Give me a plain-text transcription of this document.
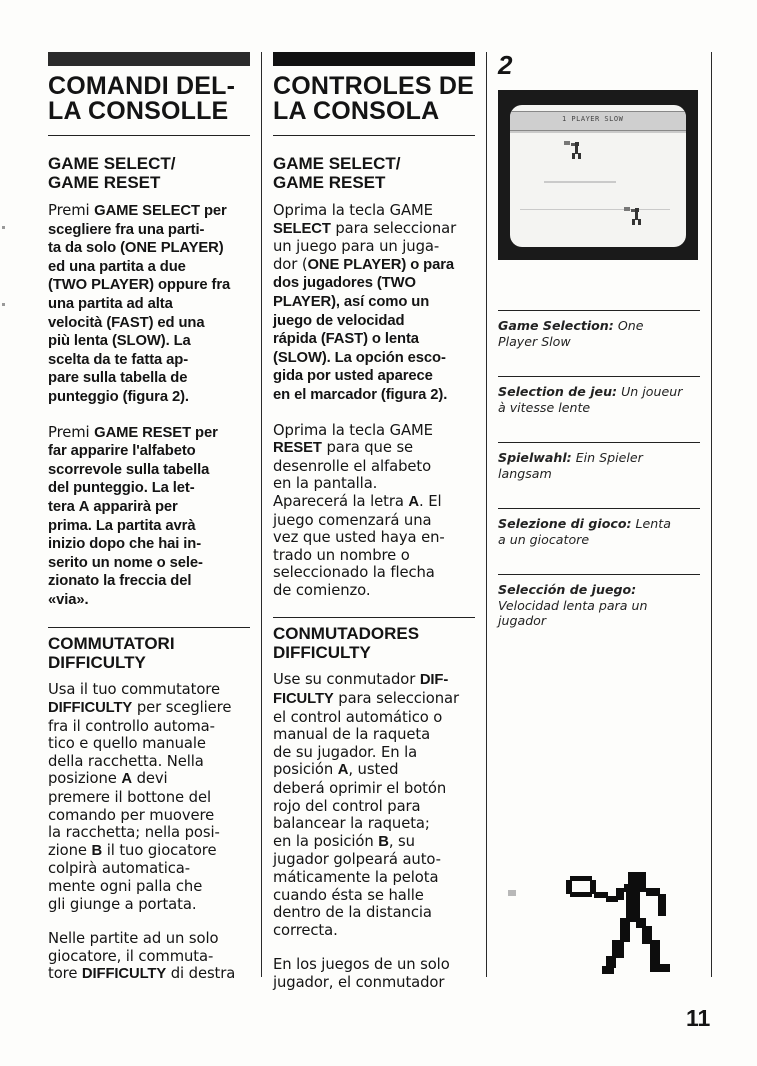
COMANDI DEL-
LA CONSOLLE
GAME SELECT/
GAME RESET

Premi GAME SELECT per
scegliere fra una parti-
ta da solo (ONE PLAYER)
ed una partita a due
(TWO PLAYER) oppure fra
una partita ad alta
velocità (FAST) ed una
più lenta (SLOW). La
scelta da te fatta ap-
pare sulla tabella de
punteggio (figura 2).

Premi GAME RESET per
far apparire l'alfabeto
scorrevole sulla tabella
del punteggio. La let-
tera A apparirà per
prima. La partita avrà
inizio dopo che hai in-
serito un nome o sele-
zionato la freccia del
«via».

COMMUTATORI
DIFFICULTY

Usa il tuo commutatore
DIFFICULTY per scegliere
fra il controllo automa-
tico e quello manuale
della racchetta. Nella
posizione A devi
premere il bottone del
comando per muovere
la racchetta; nella posi-
zione B il tuo giocatore
colpirà automatica-
mente ogni palla che
gli giunge a portata.

Nelle partite ad un solo
giocatore, il commuta-
tore DIFFICULTY di destra

CONTROLES DE
LA CONSOLA
GAME SELECT/
GAME RESET

Oprima la tecla GAME
SELECT para seleccionar
un juego para un juga-
dor (ONE PLAYER) o para
dos jugadores (TWO
PLAYER), así como un
juego de velocidad
rápida (FAST) o lenta
(SLOW). La opción esco-
gida por usted aparece
en el marcador (figura 2).

Oprima la tecla GAME
RESET para que se
desenrolle el alfabeto
en la pantalla.
Aparecerá la letra A. El
juego comenzará una
vez que usted haya en-
trado un nombre o
seleccionado la flecha
de comienzo.

CONMUTADORES
DIFFICULTY

Use su conmutador DIF-
FICULTY para seleccionar
el control automático o
manual de la raqueta
de su jugador. En la
posición A, usted
deberá oprimir el botón
rojo del control para
balancear la raqueta;
en la posición B, su
jugador golpeará auto-
máticamente la pelota
cuando ésta se halle
dentro de la distancia
correcta.

En los juegos de un solo
jugador, el conmutador

2

1 PLAYER SLOW

Game Selection: One
Player Slow

Selection de jeu: Un joueur
à vitesse lente

Spielwahl: Ein Spieler
langsam

Selezione di gioco: Lenta
a un giocatore

Selección de juego:
Velocidad lenta para un
jugador

11
